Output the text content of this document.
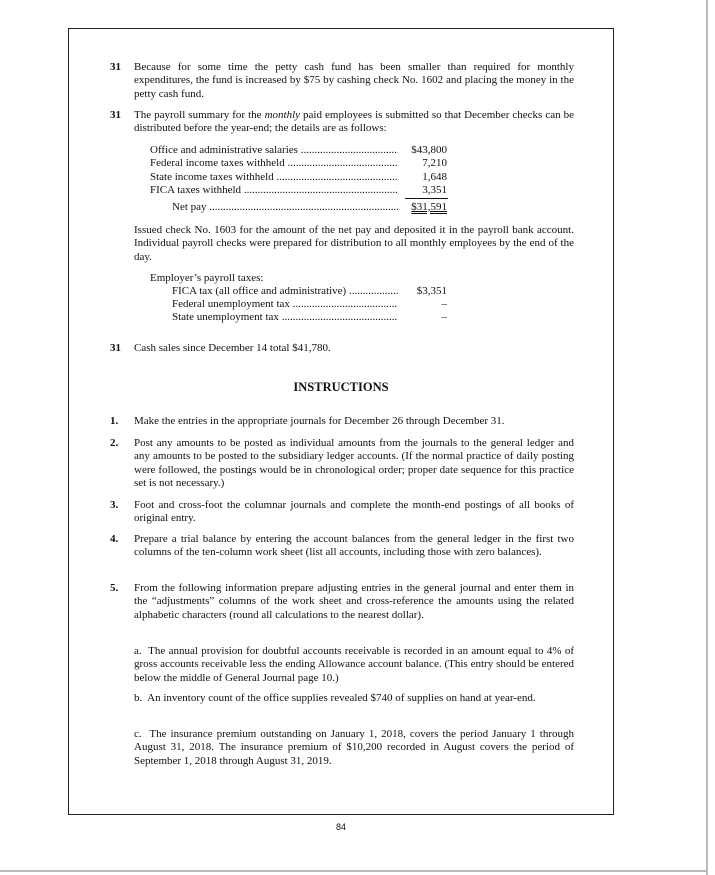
31 Because for some time the petty cash fund has been smaller than required for monthly expenditures, the fund is increased by $75 by cashing check No. 1602 and placing the money in the petty cash fund.
31 The payroll summary for the monthly paid employees is submitted so that December checks can be distributed before the year-end; the details are as follows:
Office and administrative salaries .....	$43,800
Federal income taxes withheld .....	7,210
State income taxes withheld .....	1,648
FICA taxes withheld .....	3,351
Net pay .....	$31,591
Issued check No. 1603 for the amount of the net pay and deposited it in the payroll bank account. Individual payroll checks were prepared for distribution to all monthly employees by the end of the day.
Employer’s payroll taxes:
FICA tax (all office and administrative) .....	$3,351
Federal unemployment tax .....	–
State unemployment tax .....	–
31 Cash sales since December 14 total $41,780.
INSTRUCTIONS
1. Make the entries in the appropriate journals for December 26 through December 31.
2. Post any amounts to be posted as individual amounts from the journals to the general ledger and any amounts to be posted to the subsidiary ledger accounts. (If the normal practice of daily posting were followed, the postings would be in chronological order; proper date sequence for this practice set is not necessary.)
3. Foot and cross-foot the columnar journals and complete the month-end postings of all books of original entry.
4. Prepare a trial balance by entering the account balances from the general ledger in the first two columns of the ten-column work sheet (list all accounts, including those with zero balances).
5. From the following information prepare adjusting entries in the general journal and enter them in the “adjustments” columns of the work sheet and cross-reference the amounts using the related alphabetic characters (round all calculations to the nearest dollar).
a.  The annual provision for doubtful accounts receivable is recorded in an amount equal to 4% of gross accounts receivable less the ending Allowance account balance. (This entry should be entered below the middle of General Journal page 10.)
b.  An inventory count of the office supplies revealed $740 of supplies on hand at year-end.
c.  The insurance premium outstanding on January 1, 2018, covers the period January 1 through August 31, 2018. The insurance premium of $10,200 recorded in August covers the period of September 1, 2018 through August 31, 2019.
84
